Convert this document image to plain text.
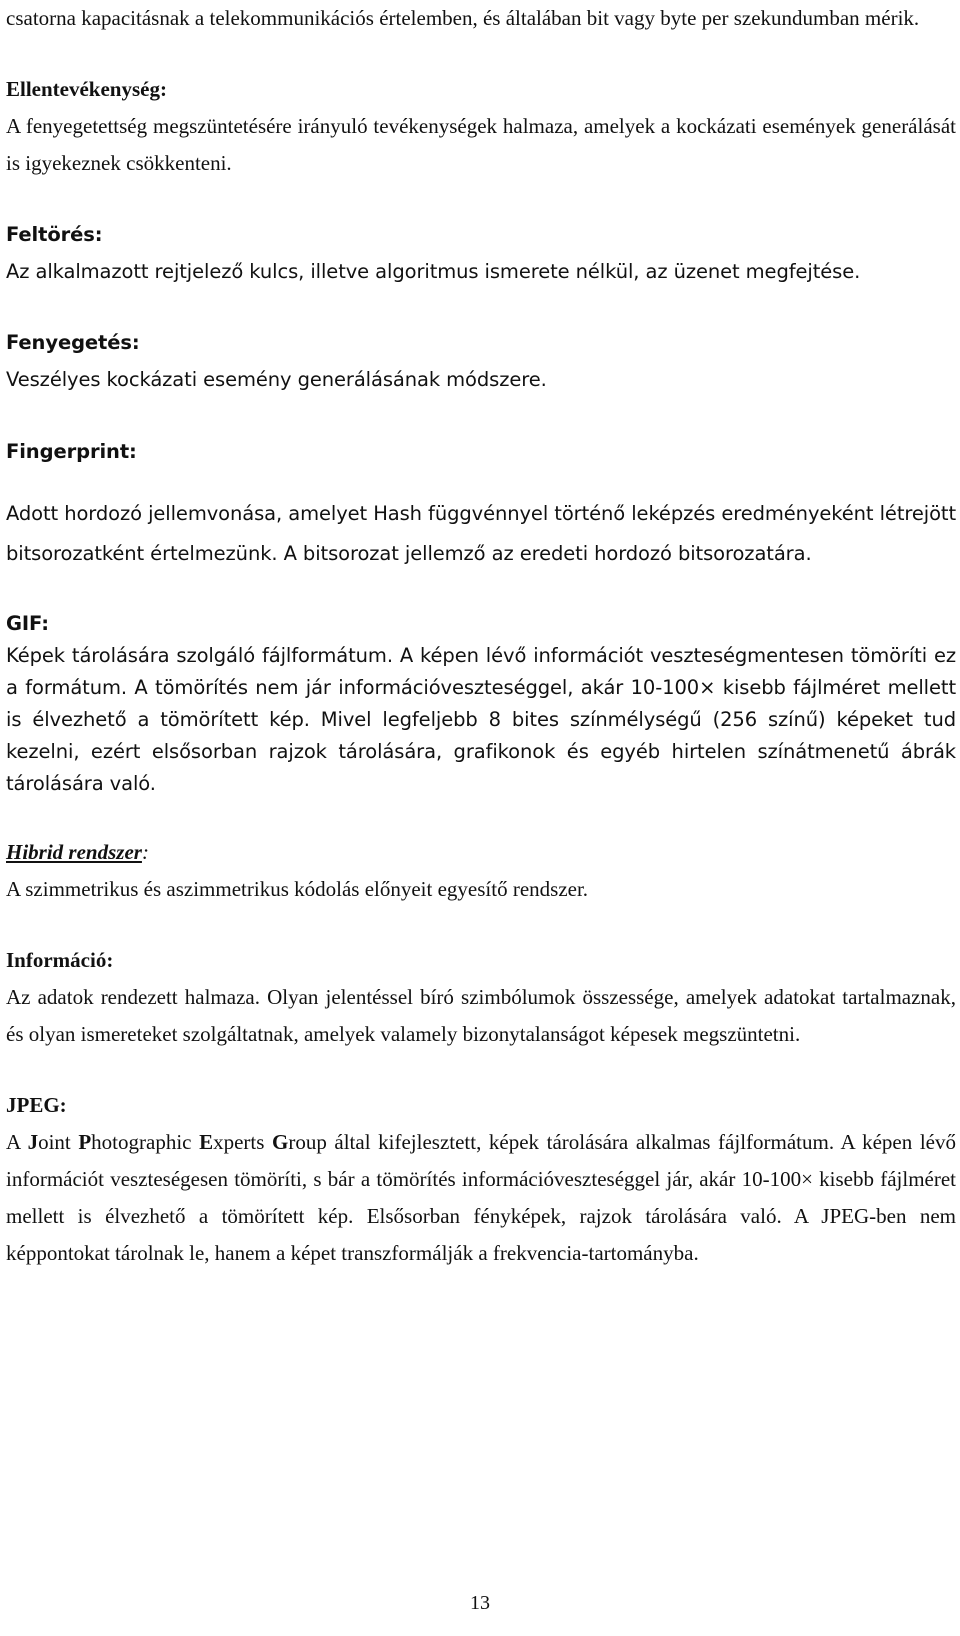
csatorna kapacitásnak a telekommunikációs értelemben, és általában bit vagy byte per szekundumban mérik.

Ellentevékenység:

A fenyegetettség megszüntetésére irányuló tevékenységek halmaza, amelyek a kockázati események generálását is igyekeznek csökkenteni.

Feltörés:

Az alkalmazott rejtjelező kulcs, illetve algoritmus ismerete nélkül, az üzenet megfejtése.

Fenyegetés:

Veszélyes kockázati esemény generálásának módszere.

Fingerprint:

Adott hordozó jellemvonása, amelyet Hash függvénnyel történő leképzés eredményeként létrejött bitsorozatként értelmezünk. A bitsorozat jellemző az eredeti hordozó bitsorozatára.

GIF:

Képek tárolására szolgáló fájlformátum. A képen lévő információt veszteségmentesen tömöríti ez a formátum. A tömörítés nem jár információveszteséggel, akár 10-100× kisebb fájlméret mellett is élvezhető a tömörített kép. Mivel legfeljebb 8 bites színmélységű (256 színű) képeket tud kezelni, ezért elsősorban rajzok tárolására, grafikonok és egyéb hirtelen színátmenetű ábrák tárolására való.

Hibrid rendszer:

A szimmetrikus és aszimmetrikus kódolás előnyeit egyesítő rendszer.

Információ:

Az adatok rendezett halmaza. Olyan jelentéssel bíró szimbólumok összessége, amelyek adatokat tartalmaznak, és olyan ismereteket szolgáltatnak, amelyek valamely bizonytalanságot képesek megszüntetni.

JPEG:

A Joint Photographic Experts Group által kifejlesztett, képek tárolására alkalmas fájlformátum. A képen lévő információt veszteségesen tömöríti, s bár a tömörítés információveszteséggel jár, akár 10-100× kisebb fájlméret mellett is élvezhető a tömörített kép. Elsősorban fényképek, rajzok tárolására való. A JPEG-ben nem képpontokat tárolnak le, hanem a képet transzformálják a frekvencia-tartományba.

13
